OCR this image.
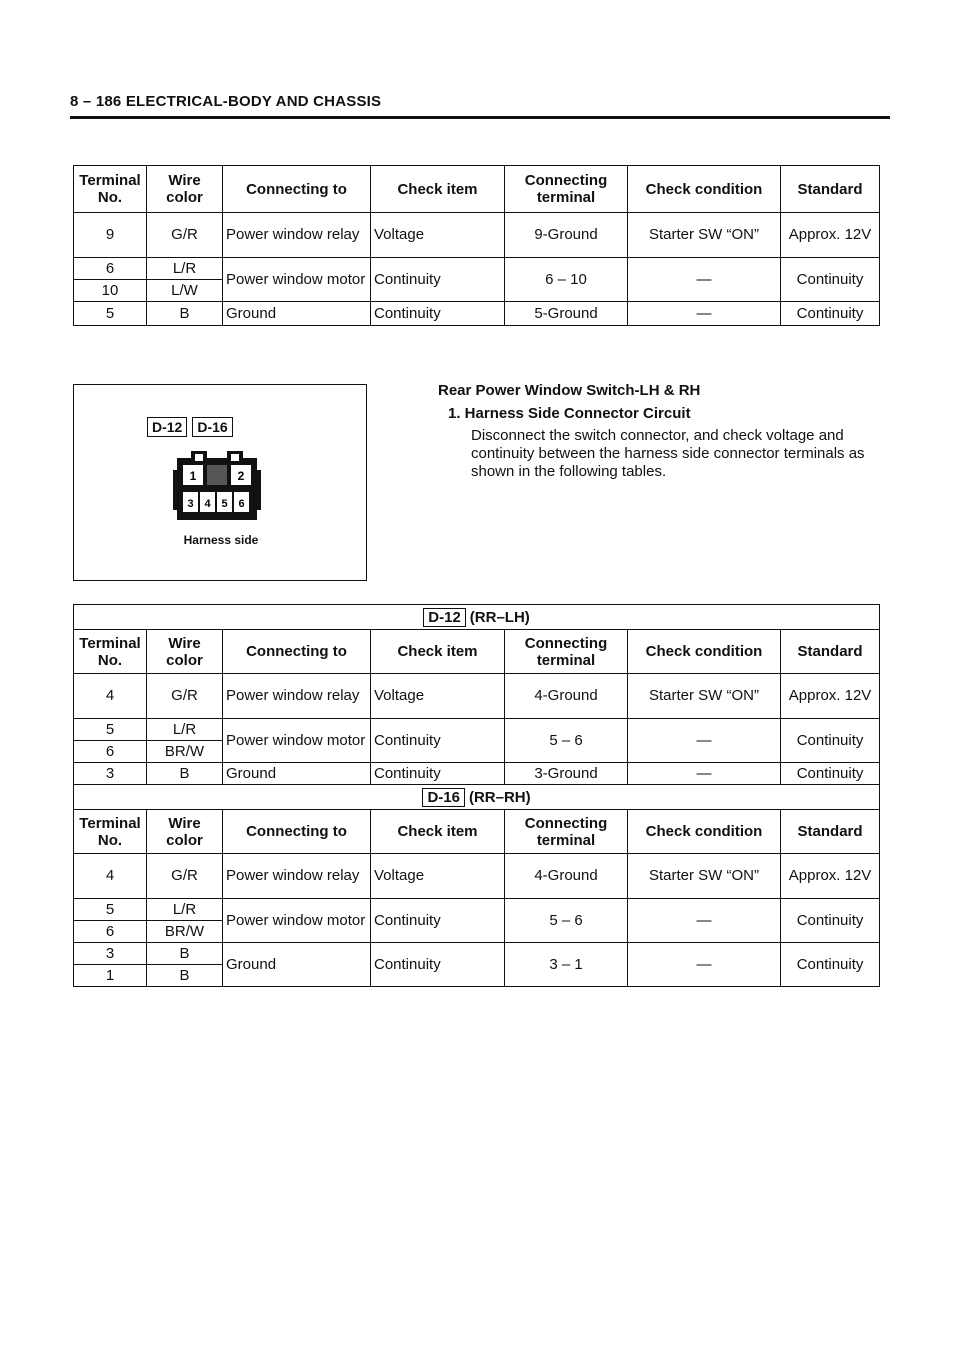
8 – 186 ELECTRICAL-BODY AND CHASSIS
Terminal No.	Wire color	Connecting to	Check item	Connecting terminal	Check condition	Standard
9	G/R	Power window relay	Voltage	9-Ground	Starter SW “ON”	Approx. 12V
6	L/R	Power window motor	Continuity	6 – 10	—	Continuity
10	L/W					
5	B	Ground	Continuity	5-Ground	—	Continuity
D-12	D-16
1	2
3 4 5 6
Harness side
Rear Power Window Switch-LH & RH
1. Harness Side Connector Circuit
Disconnect the switch connector, and check voltage and continuity between the harness side connector terminals as shown in the following tables.
D-12 (RR–LH)						
Terminal No.	Wire color	Connecting to	Check item	Connecting terminal	Check condition	Standard
4	G/R	Power window relay	Voltage	4-Ground	Starter SW “ON”	Approx. 12V
5	L/R	Power window motor	Continuity	5 – 6	—	Continuity
6	BR/W					
3	B	Ground	Continuity	3-Ground	—	Continuity
D-16 (RR–RH)						
Terminal No.	Wire color	Connecting to	Check item	Connecting terminal	Check condition	Standard
4	G/R	Power window relay	Voltage	4-Ground	Starter SW “ON”	Approx. 12V
5	L/R	Power window motor	Continuity	5 – 6	—	Continuity
6	BR/W					
3	B	Ground	Continuity	3 – 1	—	Continuity
1	B					
